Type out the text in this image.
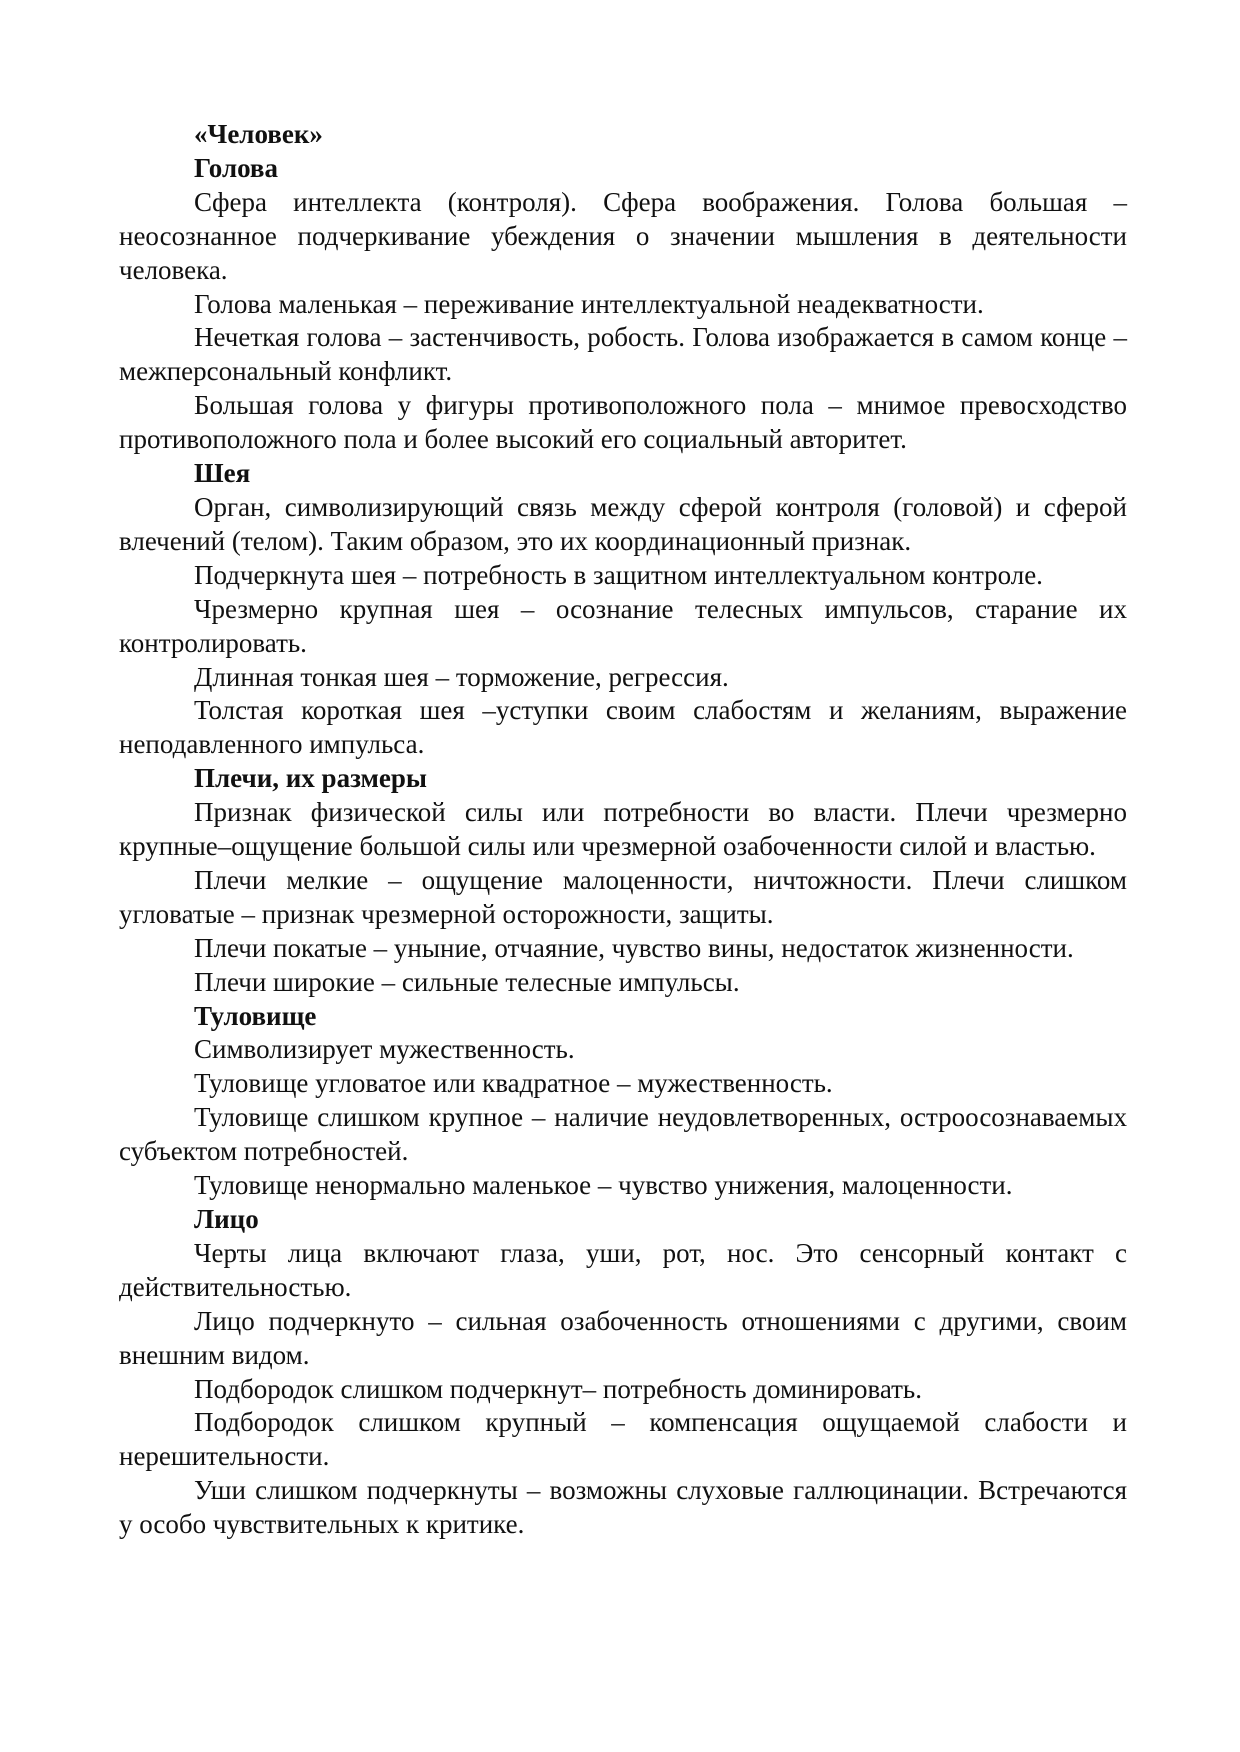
«Человек»

Голова

Сфера интеллекта (контроля). Сфера воображения. Голова большая – неосознанное подчеркивание убеждения о значении мышления в деятельности человека.

Голова маленькая – переживание интеллектуальной неадекватности.

Нечеткая голова – застенчивость, робость. Голова изображается в самом конце – межперсональный конфликт.

Большая голова у фигуры противоположного пола – мнимое превосходство противоположного пола и более высокий его социальный авторитет.

Шея

Орган, символизирующий связь между сферой контроля (головой) и сферой влечений (телом). Таким образом, это их координационный признак.

Подчеркнута шея – потребность в защитном интеллектуальном контроле.

Чрезмерно крупная шея – осознание телесных импульсов, старание их контролировать.

Длинная тонкая шея – торможение, регрессия.

Толстая короткая шея –уступки своим слабостям и желаниям, выражение неподавленного импульса.

Плечи, их размеры

Признак физической силы или потребности во власти. Плечи чрезмерно крупные–ощущение большой силы или чрезмерной озабоченности силой и властью.

Плечи мелкие – ощущение малоценности, ничтожности. Плечи слишком угловатые – признак чрезмерной осторожности, защиты.

Плечи покатые – уныние, отчаяние, чувство вины, недостаток жизненности.

Плечи широкие – сильные телесные импульсы.

Туловище

Символизирует мужественность.

Туловище угловатое или квадратное – мужественность.

Туловище слишком крупное – наличие неудовлетворенных, остроосознаваемых субъектом потребностей.

Туловище ненормально маленькое – чувство унижения, малоценности.

Лицо

Черты лица включают глаза, уши, рот, нос. Это сенсорный контакт с действительностью.

Лицо подчеркнуто – сильная озабоченность отношениями с другими, своим внешним видом.

Подбородок слишком подчеркнут– потребность доминировать.

Подбородок слишком крупный – компенсация ощущаемой слабости и нерешительности.

Уши слишком подчеркнуты – возможны слуховые галлюцинации. Встречаются у особо чувствительных к критике.
